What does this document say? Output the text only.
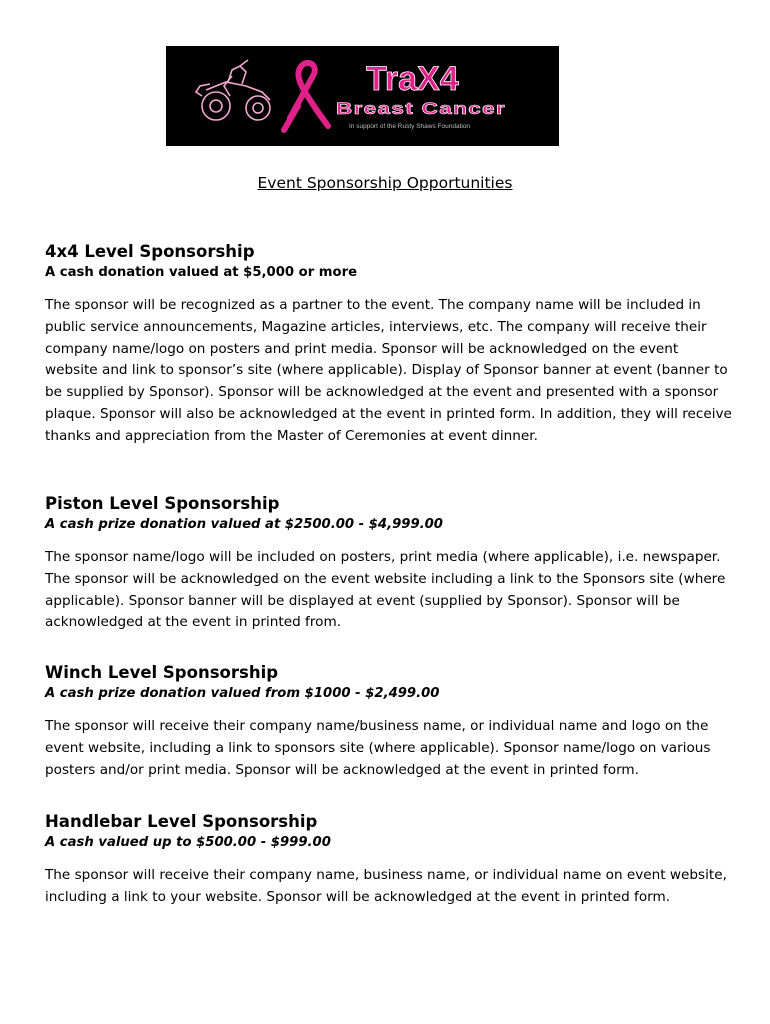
TraX4
Breast Cancer
In support of the Rusty Shaws Foundation
Event Sponsorship Opportunities

4x4 Level Sponsorship

A cash donation valued at $5,000 or more

The sponsor will be recognized as a partner to the event. The company name will be included in public service announcements, Magazine articles, interviews, etc. The company will receive their company name/logo on posters and print media. Sponsor will be acknowledged on the event website and link to sponsor’s site (where applicable). Display of Sponsor banner at event (banner to be supplied by Sponsor). Sponsor will be acknowledged at the event and presented with a sponsor plaque. Sponsor will also be acknowledged at the event in printed form. In addition, they will receive thanks and appreciation from the Master of Ceremonies at event dinner.

Piston Level Sponsorship

A cash prize donation valued at $2500.00 - $4,999.00

The sponsor name/logo will be included on posters, print media (where applicable), i.e. newspaper. The sponsor will be acknowledged on the event website including a link to the Sponsors site (where applicable). Sponsor banner will be displayed at event (supplied by Sponsor). Sponsor will be acknowledged at the event in printed from.

Winch Level Sponsorship

A cash prize donation valued from $1000 - $2,499.00

The sponsor will receive their company name/business name, or individual name and logo on the event website, including a link to sponsors site (where applicable). Sponsor name/logo on various posters and/or print media. Sponsor will be acknowledged at the event in printed form.

Handlebar Level Sponsorship

A cash valued up to $500.00 - $999.00

The sponsor will receive their company name, business name, or individual name on event website, including a link to your website. Sponsor will be acknowledged at the event in printed form.
